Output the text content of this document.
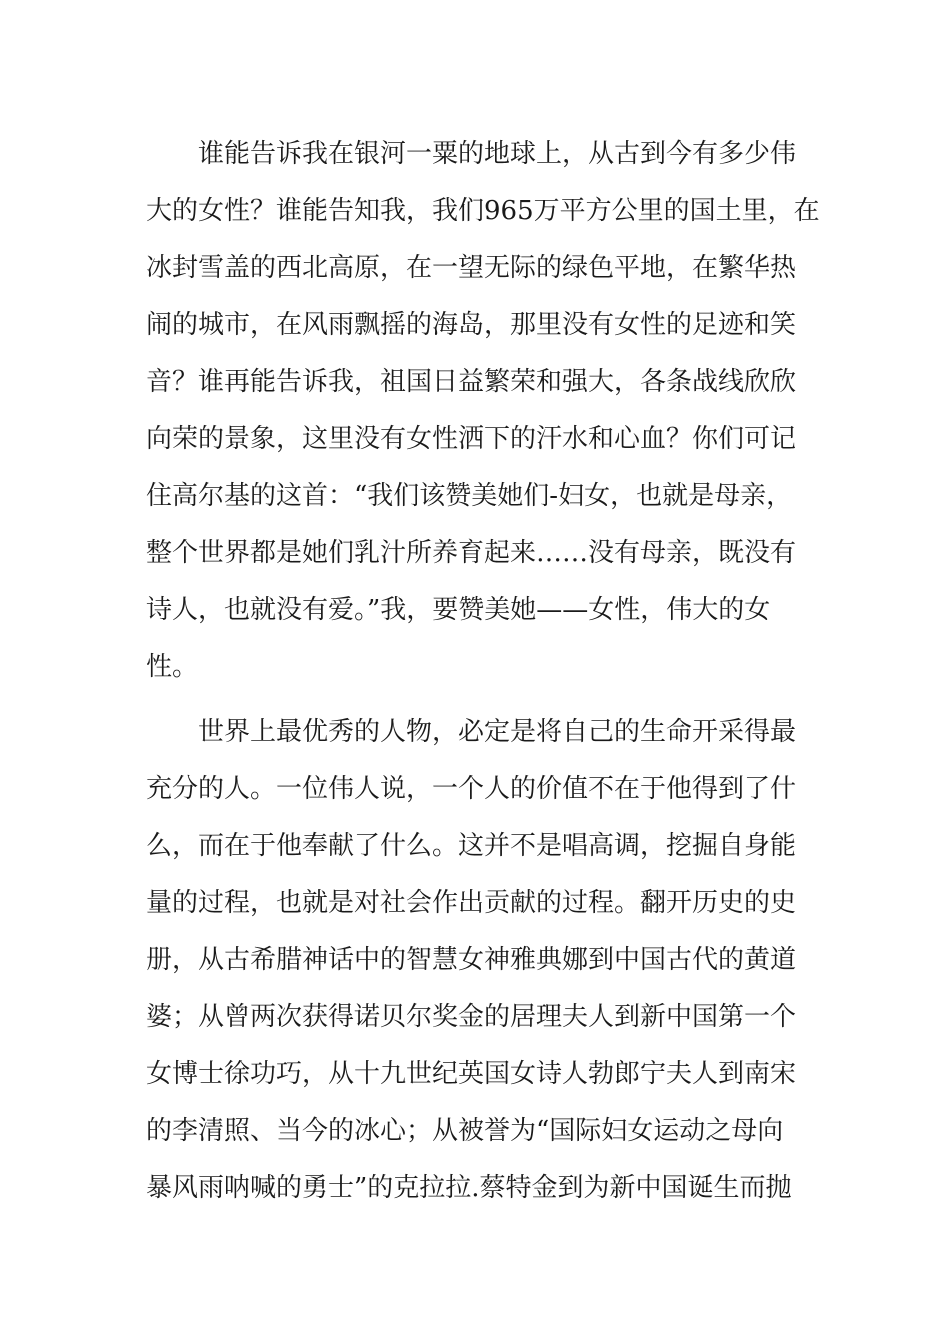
谁能告诉我在银河一粟的地球上，从古到今有多少伟
大的女性？谁能告知我，我们965万平方公里的国土里，在
冰封雪盖的西北高原，在一望无际的绿色平地，在繁华热
闹的城市，在风雨飘摇的海岛，那里没有女性的足迹和笑
音？谁再能告诉我，祖国日益繁荣和强大，各条战线欣欣
向荣的景象，这里没有女性洒下的汗水和心血？你们可记
住高尔基的这首：“我们该赞美她们-妇女，也就是母亲，
整个世界都是她们乳汁所养育起来……没有母亲，既没有
诗人，也就没有爱。”我，要赞美她——女性，伟大的女
性。
世界上最优秀的人物，必定是将自己的生命开采得最
充分的人。一位伟人说，一个人的价值不在于他得到了什
么，而在于他奉献了什么。这并不是唱高调，挖掘自身能
量的过程，也就是对社会作出贡献的过程。翻开历史的史
册，从古希腊神话中的智慧女神雅典娜到中国古代的黄道
婆；从曾两次获得诺贝尔奖金的居理夫人到新中国第一个
女博士徐功巧，从十九世纪英国女诗人勃郎宁夫人到南宋
的李清照、当今的冰心；从被誉为“国际妇女运动之母向
暴风雨呐喊的勇士”的克拉拉.蔡特金到为新中国诞生而抛
